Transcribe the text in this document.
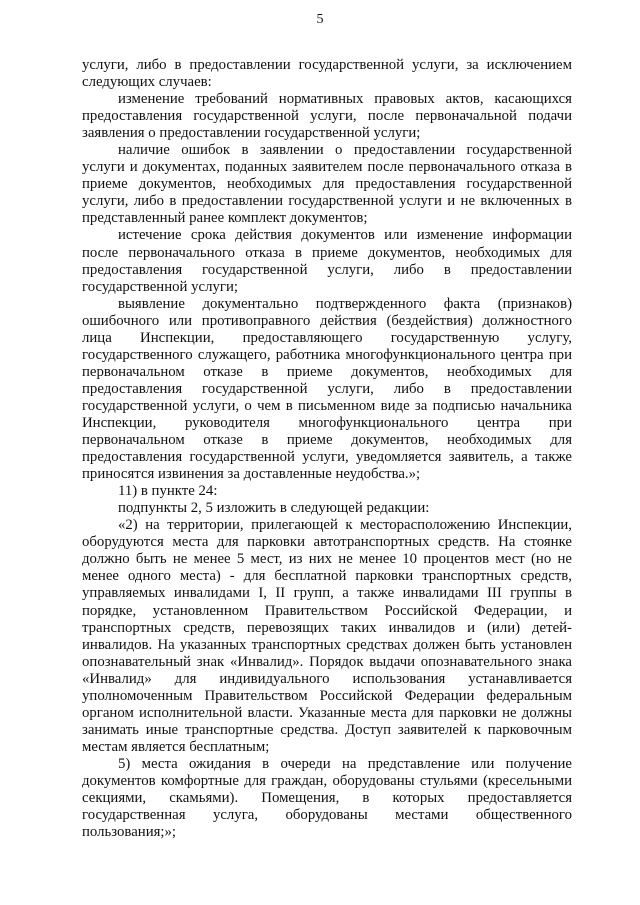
5

услуги, либо в предоставлении государственной услуги, за исключением следующих случаев:

изменение требований нормативных правовых актов, касающихся предоставления государственной услуги, после первоначальной подачи заявления о предоставлении государственной услуги;

наличие ошибок в заявлении о предоставлении государственной услуги и документах, поданных заявителем после первоначального отказа в приеме документов, необходимых для предоставления государственной услуги, либо в предоставлении государственной услуги и не включенных в представленный ранее комплект документов;

истечение срока действия документов или изменение информации после первоначального отказа в приеме документов, необходимых для предоставления государственной услуги, либо в предоставлении государственной услуги;

выявление документально подтвержденного факта (признаков) ошибочного или противоправного действия (бездействия) должностного лица Инспекции, предоставляющего государственную услугу, государственного служащего, работника многофункционального центра при первоначальном отказе в приеме документов, необходимых для предоставления государственной услуги, либо в предоставлении государственной услуги, о чем в письменном виде за подписью начальника Инспекции, руководителя многофункционального центра при первоначальном отказе в приеме документов, необходимых для предоставления государственной услуги, уведомляется заявитель, а также приносятся извинения за доставленные неудобства.»;

11) в пункте 24:

подпункты 2, 5 изложить в следующей редакции:

«2) на территории, прилегающей к месторасположению Инспекции, оборудуются места для парковки автотранспортных средств. На стоянке должно быть не менее 5 мест, из них не менее 10 процентов мест (но не менее одного места) - для бесплатной парковки транспортных средств, управляемых инвалидами I, II групп, а также инвалидами III группы в порядке, установленном Правительством Российской Федерации, и транспортных средств, перевозящих таких инвалидов и (или) детей-инвалидов. На указанных транспортных средствах должен быть установлен опознавательный знак «Инвалид». Порядок выдачи опознавательного знака «Инвалид» для индивидуального использования устанавливается уполномоченным Правительством Российской Федерации федеральным органом исполнительной власти. Указанные места для парковки не должны занимать иные транспортные средства. Доступ заявителей к парковочным местам является бесплатным;

5) места ожидания в очереди на представление или получение документов комфортные для граждан, оборудованы стульями (кресельными секциями, скамьями). Помещения, в которых предоставляется государственная услуга, оборудованы местами общественного пользования;»;
